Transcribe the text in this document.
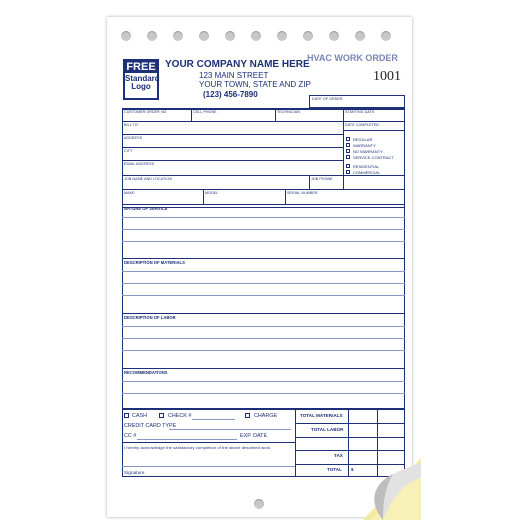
FREE
Standard
Logo
YOUR COMPANY NAME HERE
123 MAIN STREET
YOUR TOWN, STATE AND ZIP
(123) 456-7890
HVAC WORK ORDER
1001
DATE OF ORDER
CUSTOMER ORDER NO	CELL PHONE	TECHNICIAN	STARTING DATE
BILL TO	DATE COMPLETED
ADDRESS
CITY
EMAIL ADDRESS
JOB NAME AND LOCATION	JOB PHONE
MAKE	MODEL	SERIAL NUMBER
REGULAR
WARRANTY
NO WARRANTY
SERVICE CONTRACT
RESIDENTIAL
COMMERCIAL
NATURE OF SERVICE
DESCRIPTION OF MATERIALS
DESCRIPTION OF LABOR
RECOMMENDATIONS
TOTAL MATERIALS
TOTAL LABOR
TAX
TOTAL $
CASH	CHECK #	CHARGE
CREDIT CARD TYPE
CC #	EXP. DATE
I hereby acknowledge the satisfactory completion of the above described work.
Signature
